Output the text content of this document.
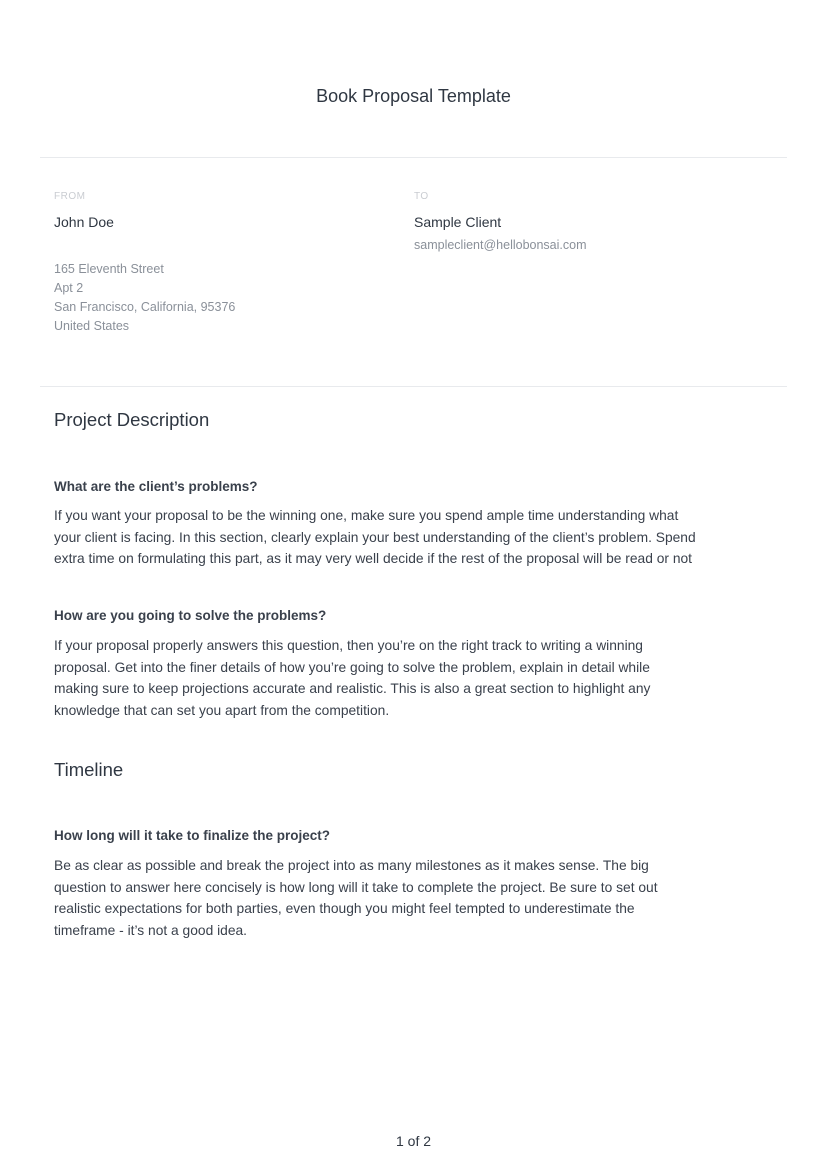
Book Proposal Template
FROM
John Doe
165 Eleventh Street
Apt 2
San Francisco, California, 95376
United States
TO
Sample Client
sampleclient@hellobonsai.com
Project Description
What are the client’s problems?
If you want your proposal to be the winning one, make sure you spend ample time understanding what
your client is facing. In this section, clearly explain your best understanding of the client’s problem. Spend
extra time on formulating this part, as it may very well decide if the rest of the proposal will be read or not
How are you going to solve the problems?
If your proposal properly answers this question, then you’re on the right track to writing a winning
proposal. Get into the finer details of how you’re going to solve the problem, explain in detail while
making sure to keep projections accurate and realistic. This is also a great section to highlight any
knowledge that can set you apart from the competition.
Timeline
How long will it take to finalize the project?
Be as clear as possible and break the project into as many milestones as it makes sense. The big
question to answer here concisely is how long will it take to complete the project. Be sure to set out
realistic expectations for both parties, even though you might feel tempted to underestimate the
timeframe - it’s not a good idea.
1 of 2
